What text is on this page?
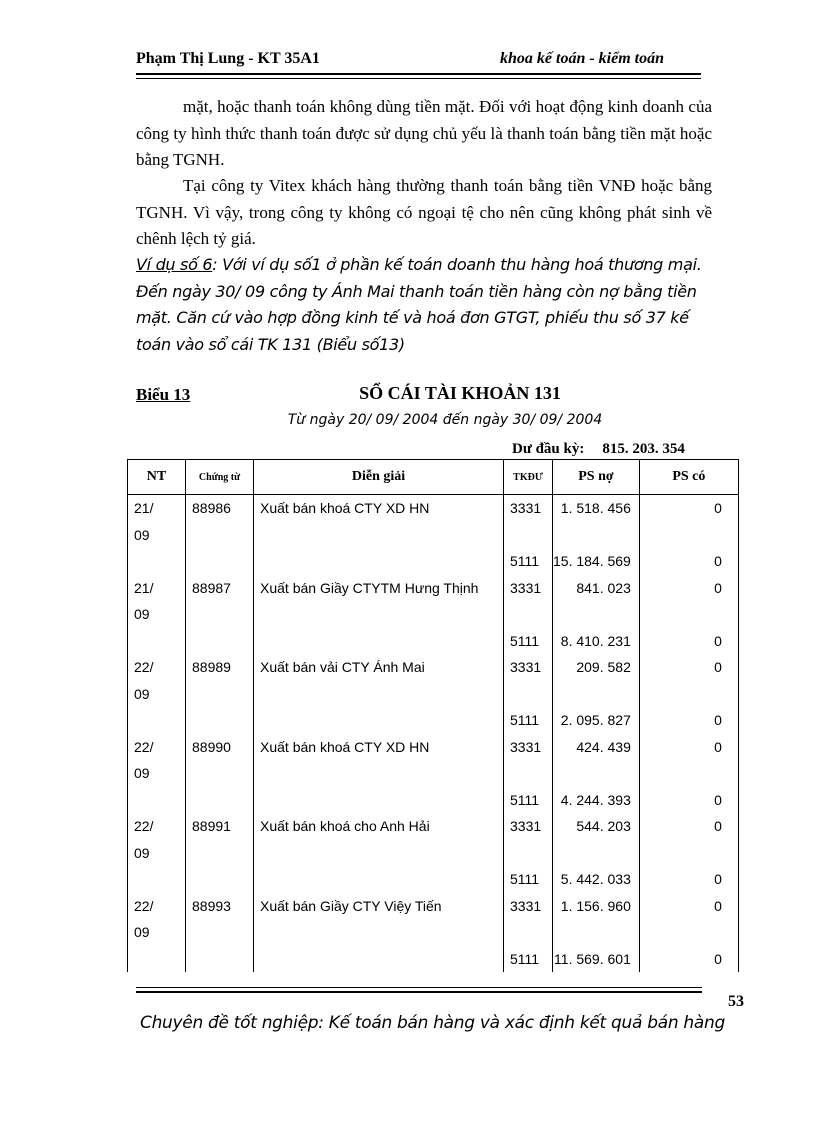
Phạm Thị Lung - KT 35A1	khoa kế toán - kiểm toán

mặt, hoặc thanh toán không dùng tiền mặt. Đối với hoạt động kinh doanh của công ty hình thức thanh toán được sử dụng chủ yếu là thanh toán bằng tiền mặt hoặc bằng TGNH.

Tại công ty Vitex khách hàng thường thanh toán bằng tiền VNĐ hoặc bằng TGNH. Vì vậy, trong công ty không có ngoại tệ cho nên cũng không phát sinh về chênh lệch tỷ giá.

Ví dụ số 6: Với ví dụ số1 ở phần kế toán doanh thu hàng hoá thương mại. Đến ngày 30/ 09 công ty Ánh Mai thanh toán tiền hàng còn nợ bằng tiền mặt. Căn cứ vào hợp đồng kinh tế và hoá đơn GTGT, phiếu thu số 37 kế toán vào sổ cái TK 131 (Biểu số13)
Biểu 13	SỔ CÁI TÀI KHOẢN 131
Từ ngày 20/ 09/ 2004 đến ngày 30/ 09/ 2004
Dư đầu kỳ: 815. 203. 354
NT	Chứng từ	Diễn giải	TKĐƯ	PS nợ	PS có
21/	88986	Xuất bán khoá CTY XD HN	3331	1. 518. 456	0
09					
			5111	15. 184. 569	0
21/	88987	Xuất bán Giầy CTYTM Hưng Thịnh	3331	841. 023	0
09					
			5111	8. 410. 231	0
22/	88989	Xuất bán vải CTY Ánh Mai	3331	209. 582	0
09					
			5111	2. 095. 827	0
22/	88990	Xuất bán khoá CTY XD HN	3331	424. 439	0
09					
			5111	4. 244. 393	0
22/	88991	Xuất bán khoá cho Anh Hải	3331	544. 203	0
09					
			5111	5. 442. 033	0
22/	88993	Xuất bán Giầy CTY Việy Tiến	3331	1. 156. 960	0
09					
			5111	11. 569. 601	0
53
Chuyên đề tốt nghiệp: Kế toán bán hàng và xác định kết quả bán hàng
